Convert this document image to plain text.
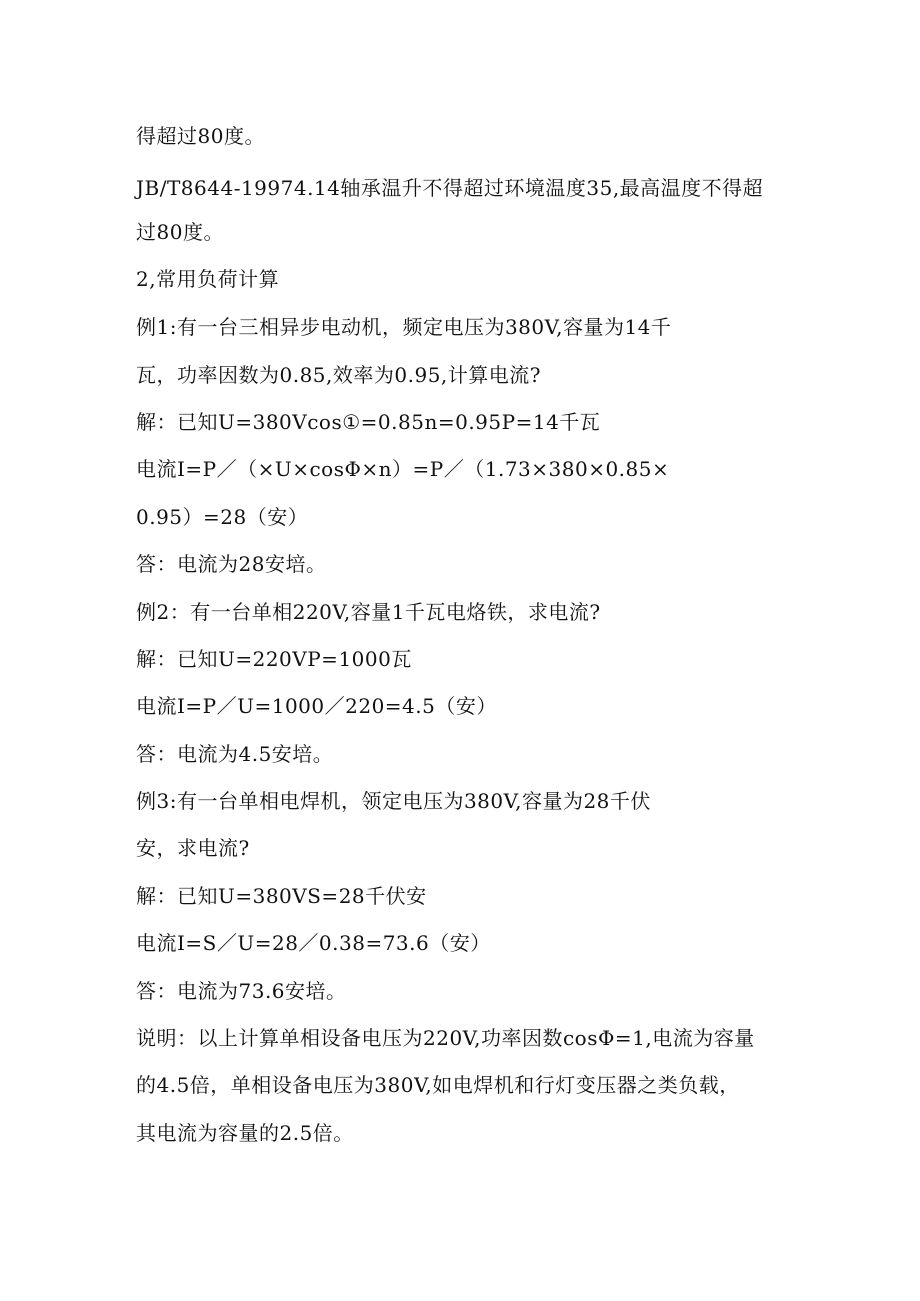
得超过80度。
JB/T8644-19974.14轴承温升不得超过环境温度35,最高温度不得超
过80度。
2,常用负荷计算
例1:有一台三相异步电动机，频定电压为380V,容量为14千
瓦，功率因数为0.85,效率为0.95,计算电流?
解：已知U=380Vcos①=0.85n=0.95P=14千瓦
电流I=P／（×U×cosΦ×n）=P／（1.73×380×0.85×
0.95）=28（安）
答：电流为28安培。
例2：有一台单相220V,容量1千瓦电烙铁，求电流?
解：已知U=220VP=1000瓦
电流I=P／U=1000／220=4.5（安）
答：电流为4.5安培。
例3:有一台单相电焊机，领定电压为380V,容量为28千伏
安，求电流?
解：已知U=380VS=28千伏安
电流I=S／U=28／0.38=73.6（安）
答：电流为73.6安培。
说明：以上计算单相设备电压为220V,功率因数cosΦ=1,电流为容量
的4.5倍，单相设备电压为380V,如电焊机和行灯变压器之类负载，
其电流为容量的2.5倍。
